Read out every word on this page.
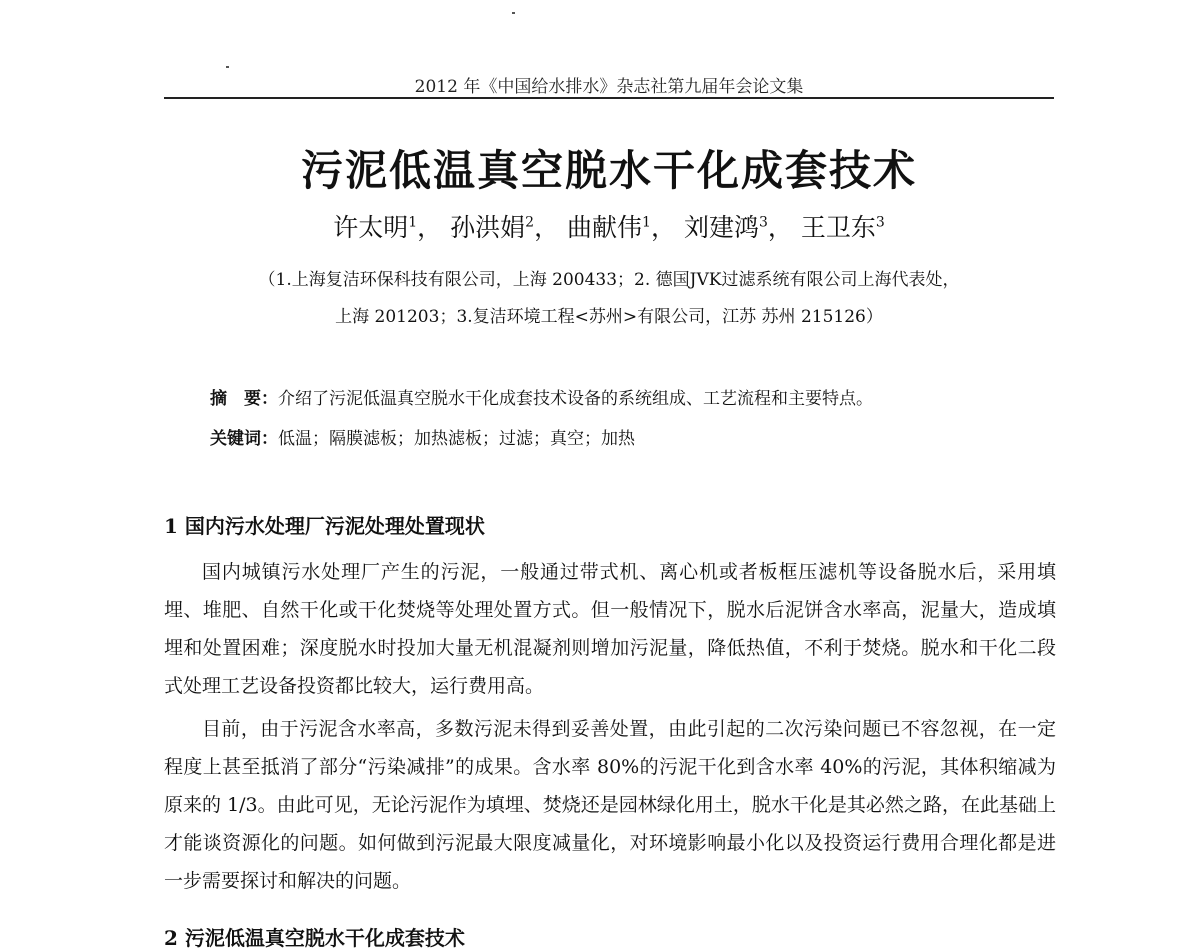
2012 年《中国给水排水》杂志社第九届年会论文集
污泥低温真空脱水干化成套技术
许太明$^1$， 孙洪娟$^2$， 曲献伟$^1$， 刘建鸿$^3$， 王卫东$^3$
（1.上海复洁环保科技有限公司，上海 200433；2. 德国JVK过滤系统有限公司上海代表处，
上海 201203；3.复洁环境工程<苏州>有限公司，江苏 苏州 215126）
摘　要：介绍了污泥低温真空脱水干化成套技术设备的系统组成、工艺流程和主要特点。
关键词：低温；隔膜滤板；加热滤板；过滤；真空；加热
1 国内污水处理厂污泥处理处置现状
国内城镇污水处理厂产生的污泥，一般通过带式机、离心机或者板框压滤机等设备脱水后，采用填埋、堆肥、自然干化或干化焚烧等处理处置方式。但一般情况下，脱水后泥饼含水率高，泥量大，造成填埋和处置困难；深度脱水时投加大量无机混凝剂则增加污泥量，降低热值，不利于焚烧。脱水和干化二段式处理工艺设备投资都比较大，运行费用高。
目前，由于污泥含水率高，多数污泥未得到妥善处置，由此引起的二次污染问题已不容忽视，在一定程度上甚至抵消了部分“污染减排”的成果。含水率 80%的污泥干化到含水率 40%的污泥，其体积缩减为原来的 1/3。由此可见，无论污泥作为填埋、焚烧还是园林绿化用土，脱水干化是其必然之路，在此基础上才能谈资源化的问题。如何做到污泥最大限度减量化，对环境影响最小化以及投资运行费用合理化都是进一步需要探讨和解决的问题。
2 污泥低温真空脱水干化成套技术
